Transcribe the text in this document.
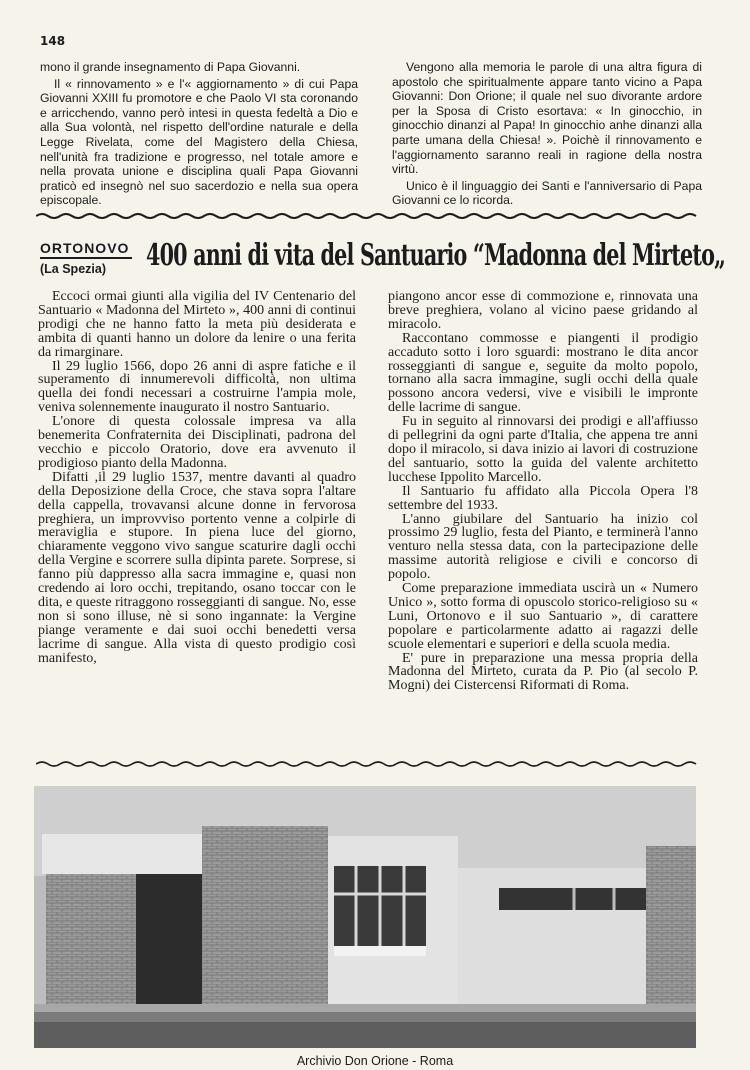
148

mono il grande insegnamento di Papa Giovanni.

Il « rinnovamento » e l'« aggiornamento » di cui Papa Giovanni XXIII fu promotore e che Paolo VI sta coronando e arricchendo, vanno però intesi in questa fedeltà a Dio e alla Sua volontà, nel rispetto dell'ordine naturale e della Legge Rivelata, come del Magistero della Chiesa, nell'unità fra tradizione e progresso, nel totale amore e nella provata unione e disciplina quali Papa Giovanni praticò ed insegnò nel suo sacerdozio e nella sua opera episcopale.

Vengono alla memoria le parole di una altra figura di apostolo che spiritualmente appare tanto vicino a Papa Giovanni: Don Orione; il quale nel suo divorante ardore per la Sposa di Cristo esortava: « In ginocchio, in ginocchio dinanzi al Papa! In ginocchio anhe dinanzi alla parte umana della Chiesa! ». Poichè il rinnovamento e l'aggiornamento saranno reali in ragione della nostra virtù.

Unico è il linguaggio dei Santi e l'anniversario di Papa Giovanni ce lo ricorda.

ORTONOVO
(La Spezia)	400 anni di vita del Santuario “Madonna del Mirteto„

Eccoci ormai giunti alla vigilia del IV Centenario del Santuario « Madonna del Mirteto », 400 anni di continui prodigi che ne hanno fatto la meta più desiderata e ambita di quanti hanno un dolore da lenire o una ferita da rimarginare.

Il 29 luglio 1566, dopo 26 anni di aspre fatiche e il superamento di innumerevoli difficoltà, non ultima quella dei fondi necessari a costruirne l'ampia mole, veniva solennemente inaugurato il nostro Santuario.

L'onore di questa colossale impresa va alla benemerita Confraternita dei Disciplinati, padrona del vecchio e piccolo Oratorio, dove era avvenuto il prodigioso pianto della Madonna.

Difatti ,il 29 luglio 1537, mentre davanti al quadro della Deposizione della Croce, che stava sopra l'altare della cappella, trovavansi alcune donne in fervorosa preghiera, un improvviso portento venne a colpirle di meraviglia e stupore. In piena luce del giorno, chiaramente veggono vivo sangue scaturire dagli occhi della Vergine e scorrere sulla dipinta parete. Sorprese, si fanno più dappresso alla sacra immagine e, quasi non credendo ai loro occhi, trepitando, osano toccar con le dita, e queste ritraggono rosseggianti di sangue. No, esse non si sono illuse, nè si sono ingannate: la Vergine piange veramente e dai suoi occhi benedetti versa lacrime di sangue. Alla vista di questo prodigio così manifesto,

piangono ancor esse di commozione e, rinnovata una breve preghiera, volano al vicino paese gridando al miracolo.

Raccontano commosse e piangenti il prodigio accaduto sotto i loro sguardi: mostrano le dita ancor rosseggianti di sangue e, seguite da molto popolo, tornano alla sacra immagine, sugli occhi della quale possono ancora vedersi, vive e visibili le impronte delle lacrime di sangue.

Fu in seguito al rinnovarsi dei prodigi e all'affiusso di pellegrini da ogni parte d'Italia, che appena tre anni dopo il miracolo, si dava inizio ai lavori di costruzione del santuario, sotto la guida del valente architetto lucchese Ippolito Marcello.

Il Santuario fu affidato alla Piccola Opera l'8 settembre del 1933.

L'anno giubilare del Santuario ha inizio col prossimo 29 luglio, festa del Pianto, e terminerà l'anno venturo nella stessa data, con la partecipazione delle massime autorità religiose e civili e concorso di popolo.

Come preparazione immediata uscirà un « Numero Unico », sotto forma di opuscolo storico-religioso su « Luni, Ortonovo e il suo Santuario », di carattere popolare e particolarmente adatto ai ragazzi delle scuole elementari e superiori e della scuola media.

E' pure in preparazione una messa propria della Madonna del Mirteto, curata da P. Pio (al secolo P. Mogni) dei Cistercensi Riformati di Roma.

Archivio Don Orione - Roma
